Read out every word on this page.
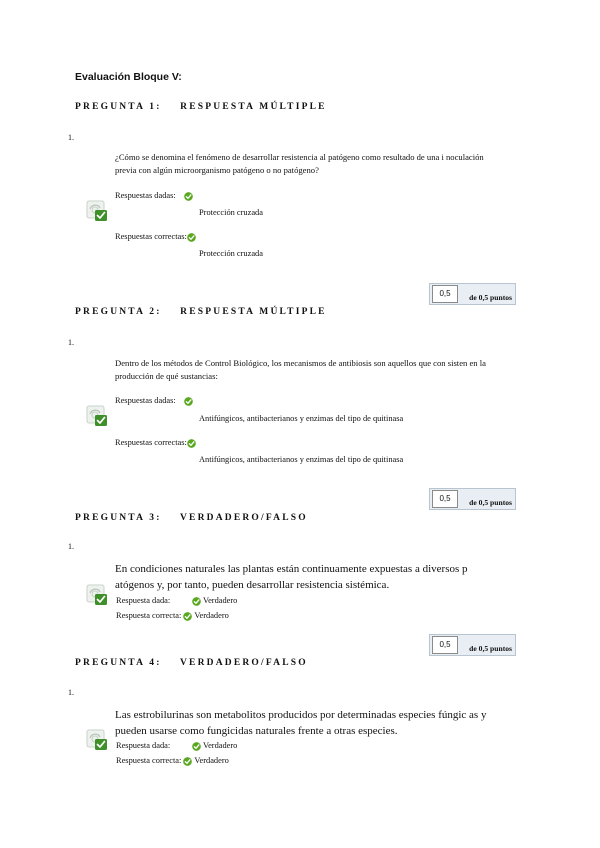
Evaluación Bloque V:
PREGUNTA 1: RESPUESTA MÚLTIPLE
1.
¿Cómo se denomina el fenómeno de desarrollar resistencia al patógeno como resultado de una i noculación previa con algún microorganismo patógeno o no patógeno?
Respuestas dadas:
Protección cruzada
Respuestas correctas:
Protección cruzada
0,5	de 0,5 puntos
PREGUNTA 2: RESPUESTA MÚLTIPLE
1.
Dentro de los métodos de Control Biológico, los mecanismos de antibiosis son aquellos que con sisten en la producción de qué sustancias:
Respuestas dadas:
Antifúngicos, antibacterianos y enzimas del tipo de quitinasa
Respuestas correctas:
Antifúngicos, antibacterianos y enzimas del tipo de quitinasa
0,5	de 0,5 puntos
PREGUNTA 3: VERDADERO/FALSO
1.
En condiciones naturales las plantas están continuamente expuestas a diversos p atógenos y, por tanto, pueden desarrollar resistencia sistémica.
Respuesta dada:	Verdadero
Respuesta correcta: Verdadero
0,5	de 0,5 puntos
PREGUNTA 4: VERDADERO/FALSO
1.
Las estrobilurinas son metabolitos producidos por determinadas especies fúngic as y pueden usarse como fungicidas naturales frente a otras especies.
Respuesta dada:	Verdadero
Respuesta correcta: Verdadero
